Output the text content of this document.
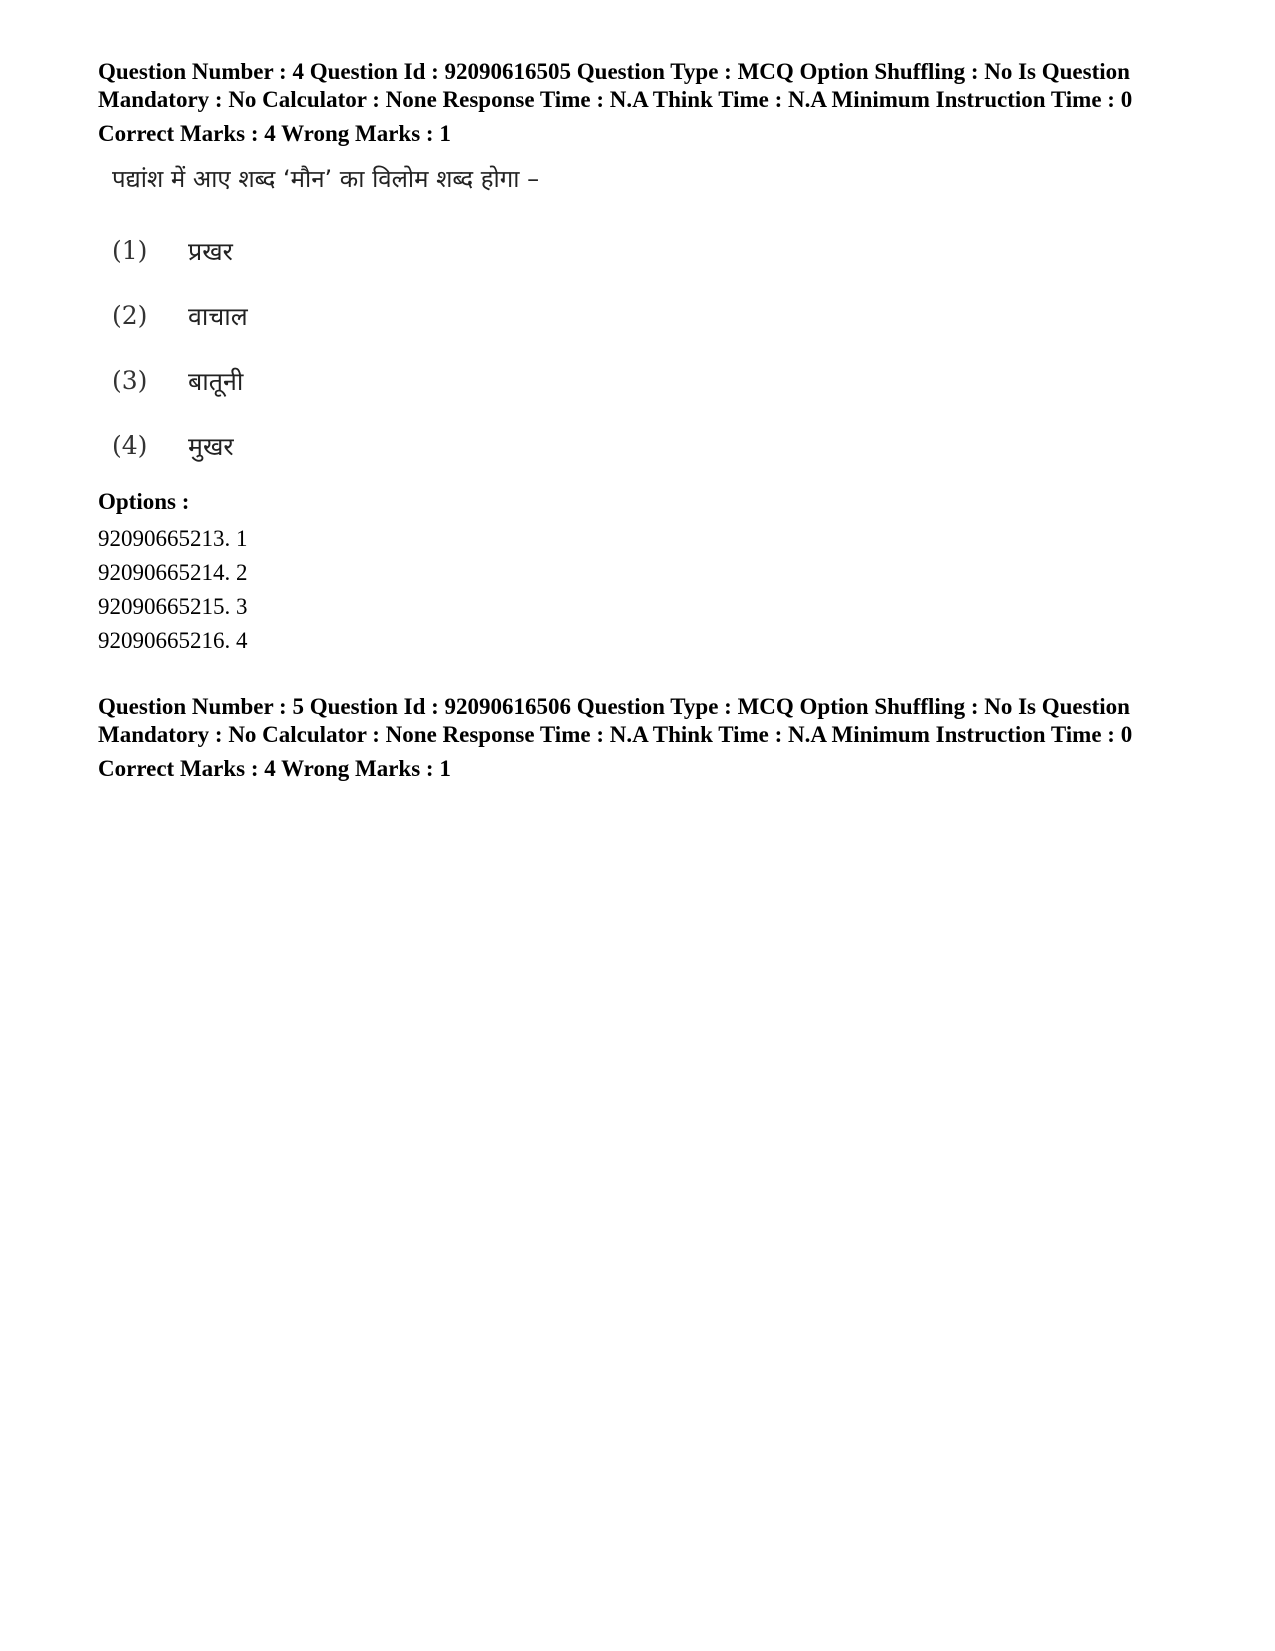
Question Number : 4 Question Id : 92090616505 Question Type : MCQ Option Shuffling : No Is Question Mandatory : No Calculator : None Response Time : N.A Think Time : N.A Minimum Instruction Time : 0

Correct Marks : 4 Wrong Marks : 1

पद्यांश में आए शब्द ‘मौन’ का विलोम शब्द होगा –

(1)	प्रखर
(2)	वाचाल
(3)	बातूनी
(4)	मुखर

Options :

92090665213. 1

92090665214. 2

92090665215. 3

92090665216. 4

Question Number : 5 Question Id : 92090616506 Question Type : MCQ Option Shuffling : No Is Question Mandatory : No Calculator : None Response Time : N.A Think Time : N.A Minimum Instruction Time : 0

Correct Marks : 4 Wrong Marks : 1
